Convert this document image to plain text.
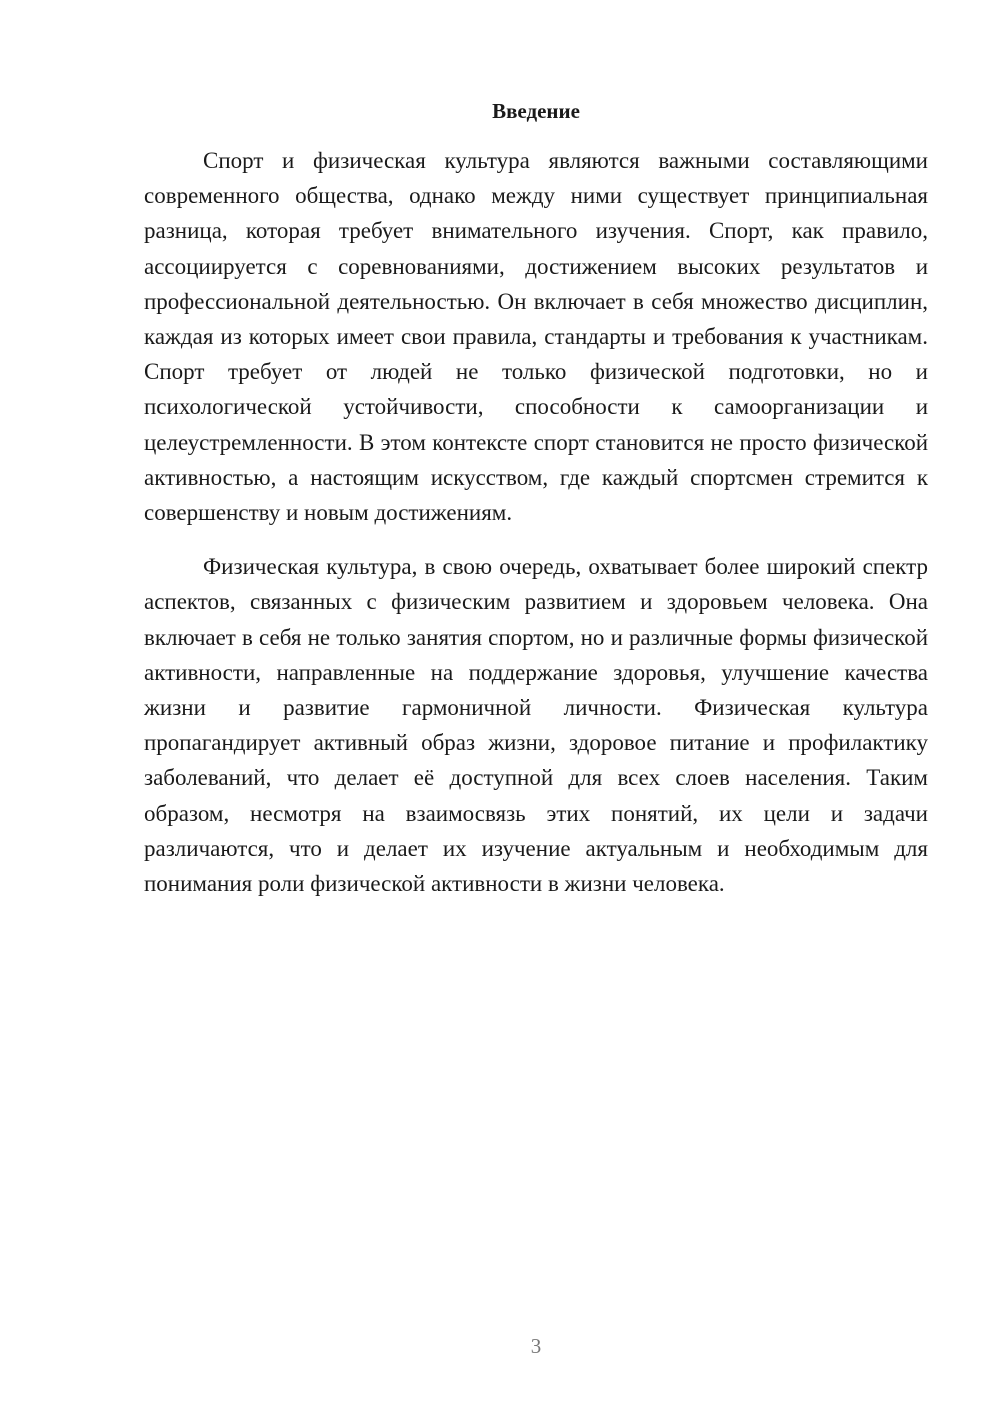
Введение

Спорт и физическая культура являются важными составляющими современного общества, однако между ними существует принципиальная разница, которая требует внимательного изучения. Спорт, как правило, ассоциируется с соревнованиями, достижением высоких результатов и профессиональной деятельностью. Он включает в себя множество дисциплин, каждая из которых имеет свои правила, стандарты и требования к участникам. Спорт требует от людей не только физической подготовки, но и психологической устойчивости, способности к самоорганизации и целеустремленности. В этом контексте спорт становится не просто физической активностью, а настоящим искусством, где каждый спортсмен стремится к совершенству и новым достижениям.

Физическая культура, в свою очередь, охватывает более широкий спектр аспектов, связанных с физическим развитием и здоровьем человека. Она включает в себя не только занятия спортом, но и различные формы физической активности, направленные на поддержание здоровья, улучшение качества жизни и развитие гармоничной личности. Физическая культура пропагандирует активный образ жизни, здоровое питание и профилактику заболеваний, что делает её доступной для всех слоев населения. Таким образом, несмотря на взаимосвязь этих понятий, их цели и задачи различаются, что и делает их изучение актуальным и необходимым для понимания роли физической активности в жизни человека.

3
